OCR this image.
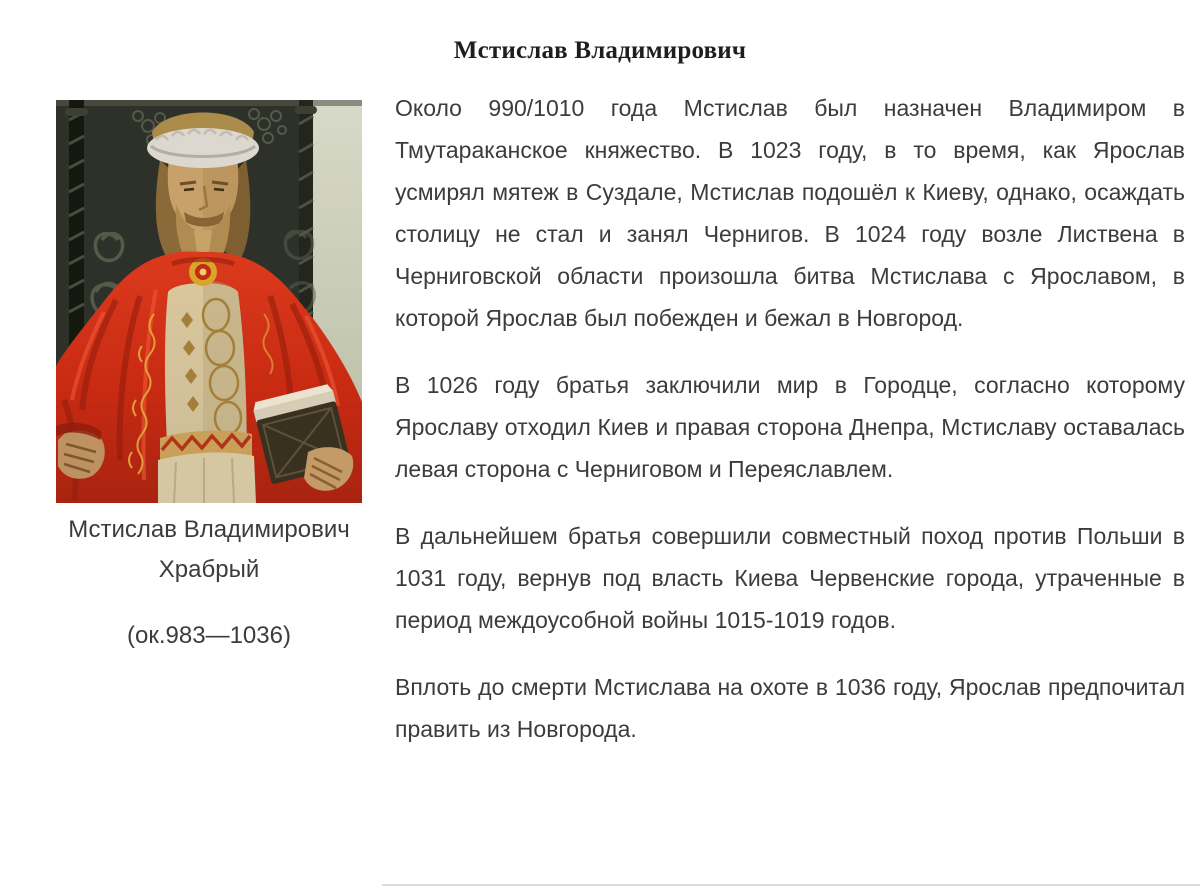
Мстислав Владимирович
Мстислав Владимирович
Храбрый
(ок.983—1036)

Около 990/1010 года Мстислав был назначен Владимиром в Тмутараканское княжество. В 1023 году, в то время, как Ярослав усмирял мятеж в Суздале, Мстислав подошёл к Киеву, однако, осаждать столицу не стал и занял Чернигов. В 1024 году возле Листвена в Черниговской области произошла битва Мстислава с Ярославом, в которой Ярослав был побежден и бежал в Новгород.

В 1026 году братья заключили мир в Городце, согласно которому Ярославу отходил Киев и правая сторона Днепра, Мстиславу оставалась левая сторона с Черниговом и Переяславлем.

В дальнейшем братья совершили совместный поход против Польши в 1031 году, вернув под власть Киева Червенские города, утраченные в период междоусобной войны 1015-1019 годов.

Вплоть до смерти Мстислава на охоте в 1036 году, Ярослав предпочитал править из Новгорода.
